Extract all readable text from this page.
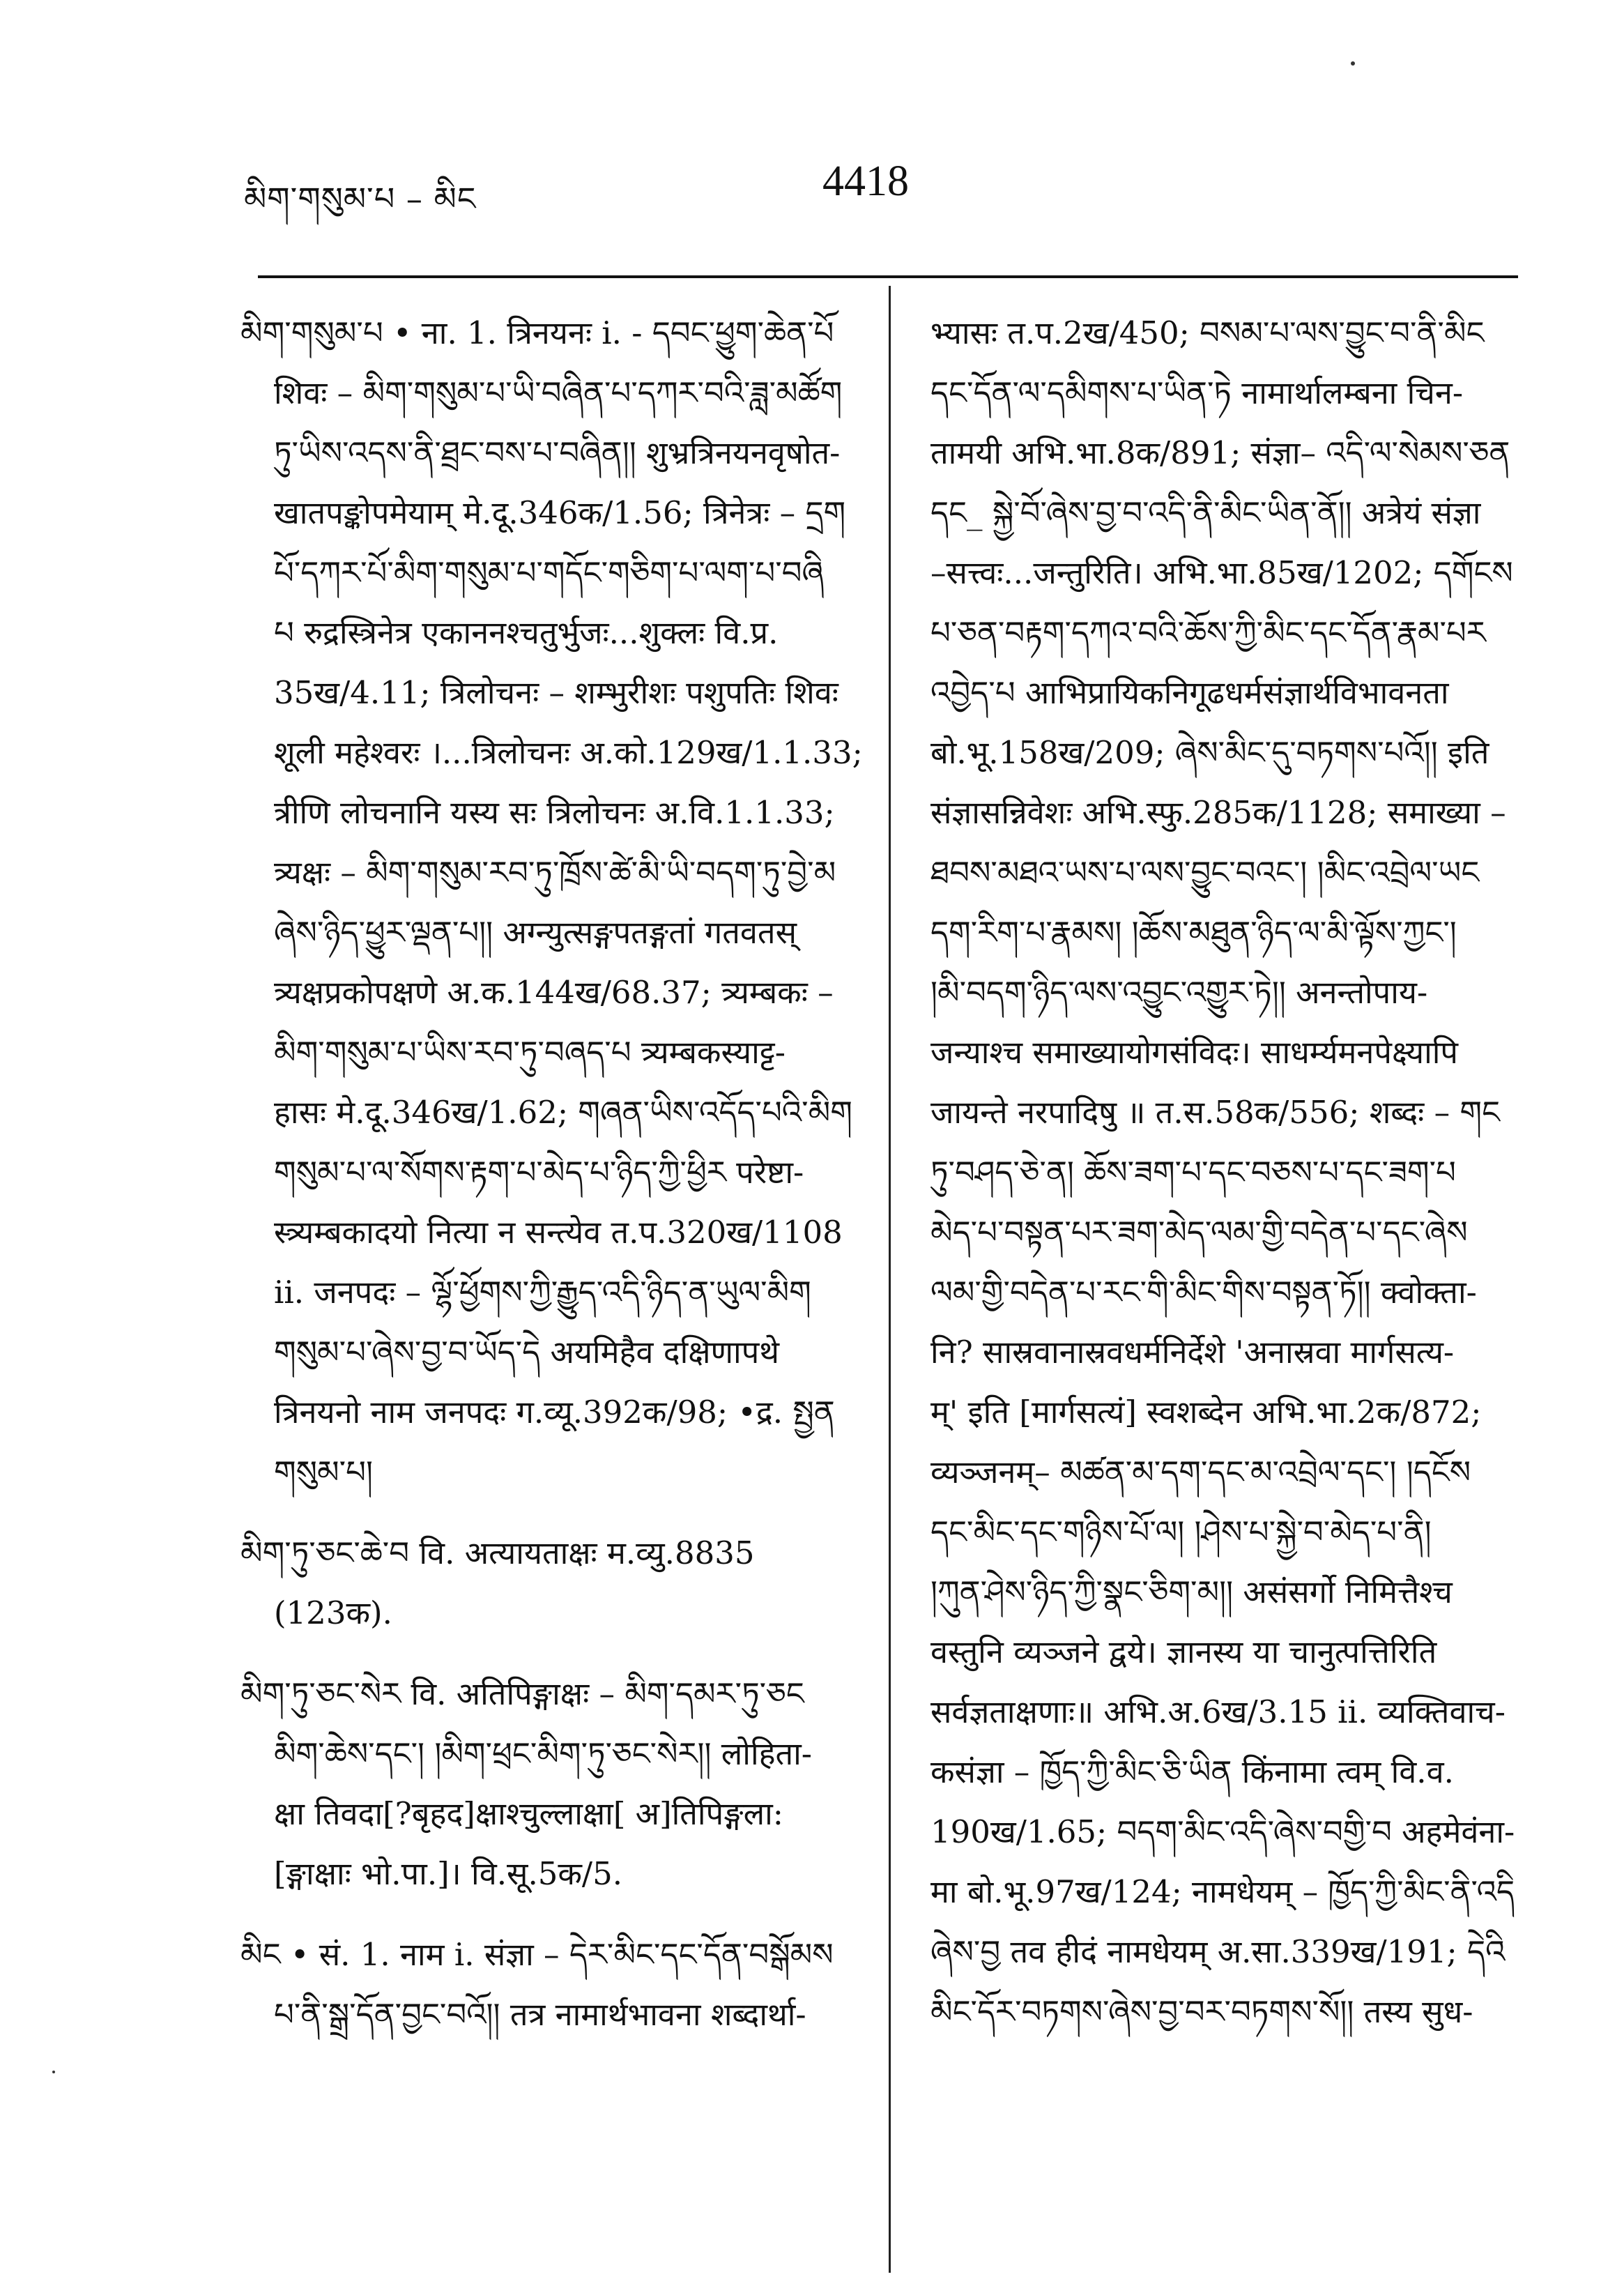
མིག་གསུམ་པ – མིང	4418
མིག་གསུམ་པ • ना. 1. त्रिनयनः i. - དབང་ཕྱུག་ཆེན་པོ
शिवः – མིག་གསུམ་པ་ཡི་བཞིན་པ་དཀར་བའི་ཟླ་མཚོག
ཏུ་ཡིས་འདས་ནི་ཐྲང་བས་པ་བཞིན།། शुभ्रत्रिनयनवृषोत-
खातपङ्कोपमेयाम् मे.दू.346क/1.56; त्रिनेत्रः – དྲག
པོ་དཀར་པོ་མིག་གསུམ་པ་གདོང་གཅིག་པ་ལག་པ་བཞི
པ रुद्रस्त्रिनेत्र एकाननश्चतुर्भुजः...शुक्लः वि.प्र.
35ख/4.11; त्रिलोचनः – शम्भुरीशः पशुपतिः शिवः
शूली महेश्वरः ।...त्रिलोचनः अ.को.129ख/1.1.33;
त्रीणि लोचनानि यस्य सः त्रिलोचनः अ.वि.1.1.33;
त्र्यक्षः – མིག་གསུམ་རབ་ཏུ་ཁྲོས་ཚེ་མི་ཡི་བདག་ཏུ་བྱེ་མ
ཞེས་ཉིད་ཕྱུར་ལྡན་པ།། अग्न्युत्सङ्गपतङ्गतां गतवतस्
त्र्यक्षप्रकोपक्षणे अ.क.144ख/68.37; त्र्यम्बकः –
མིག་གསུམ་པ་ཡིས་རབ་ཏུ་བཞད་པ त्र्यम्बकस्याट्ट-
हासः मे.दू.346ख/1.62; གཞན་ཡིས་འདོད་པའི་མིག
གསུམ་པ་ལ་སོགས་རྟག་པ་མེད་པ་ཉིད་ཀྱི་ཕྱིར परेष्टा-
स्त्र्यम्बकादयो नित्या न सन्त्येव त.प.320ख/1108
ii. जनपदः – ལྷོ་ཕྱོགས་ཀྱི་རྒྱུད་འདི་ཉིད་ན་ཡུལ་མིག
གསུམ་པ་ཞེས་བྱ་བ་ཡོད་དེ अयमिहैव दक्षिणापथे
त्रिनयनो नाम जनपदः ग.व्यू.392क/98; •द्र. སྤྱན
གསུམ་པ།
མིག་ཏུ་ཅང་ཆེ་བ वि. अत्यायताक्षः म.व्यु.8835
(123क).
མིག་ཏུ་ཅང་སེར वि. अतिपिङ्गाक्षः – མིག་དམར་ཏུ་ཅང
མིག་ཆེས་དང་། །མིག་ཕྲང་མིག་ཏུ་ཅང་སེར།། लोहिता-
क्षा तिवदा[?बृहद]क्षाश्चुल्लाक्षा[ अ]तिपिङ्गला:
[ङ्गाक्षाः भो.पा.]। वि.सू.5क/5.
མིང • सं. 1. नाम i. संज्ञा – དེར་མིང་དང་དོན་བསྒོམས
པ་ནི་སྒྲ་དོན་བྱང་བའོ།། तत्र नामार्थभावना शब्दार्था-
भ्यासः त.प.2ख/450; བསམ་པ་ལས་བྱུང་བ་ནི་མིང
དང་དོན་ལ་དམིགས་པ་ཡིན་ཏེ नामार्थालम्बना चिन-
तामयी अभि.भा.8क/891; संज्ञा– འདི་ལ་སེམས་ཅན
དང_ སྐྱེ་བོ་ཞེས་བྱ་བ་འདི་ནི་མིང་ཡིན་ནོ།། अत्रेयं संज्ञा
–सत्त्वः...जन्तुरिति। अभि.भा.85ख/1202; དགོངས
པ་ཅན་བརྟག་དཀའ་བའི་ཆོས་ཀྱི་མིང་དང་དོན་རྣམ་པར
འབྱེད་པ आभिप्रायिकनिगूढधर्मसंज्ञार्थविभावनता
बो.भू.158ख/209; ཞེས་མིང་དུ་བཏགས་པའོ།། इति
संज्ञासन्निवेशः अभि.स्फु.285क/1128; समाख्या –
ཐབས་མཐའ་ཡས་པ་ལས་བྱུང་བའང་། །མིང་འབྲེལ་ཡང
དག་རིག་པ་རྣམས། །ཆོས་མཐུན་ཉིད་ལ་མི་ལྟོས་ཀྱང་།
།མི་བདག་ཉིད་ལས་འབྱུང་འགྱུར་ཏེ།། अनन्तोपाय-
जन्याश्च समाख्यायोगसंविदः। साधर्म्यमनपेक्ष्यापि
जायन्ते नरपादिषु ॥ त.स.58क/556; शब्दः – གང
ཏུ་བཤད་ཅེ་ན། ཆོས་ཟག་པ་དང་བཅས་པ་དང་ཟག་པ
མེད་པ་བསྟན་པར་ཟག་མེད་ལམ་གྱི་བདེན་པ་དང་ཞེས
ལམ་གྱི་བདེན་པ་རང་གི་མིང་གིས་བསྟན་ཏོ།། क्वोक्ता-
नि? सास्रवानास्रवधर्मनिर्देशे 'अनास्रवा मार्गसत्य-
म्' इति [मार्गसत्यं] स्वशब्देन अभि.भा.2क/872;
व्यञ्जनम्– མཚན་མ་དག་དང་མ་འབྲེལ་དང་། །དངོས
དང་མིང་དང་གཉིས་པོ་ལ། །ཤེས་པ་སྐྱེ་བ་མེད་པ་ནི།
།ཀུན་ཤེས་ཉིད་ཀྱི་སྣང་ཅིག་མ།། असंसर्गो निमित्तैश्च
वस्तुनि व्यञ्जने द्वये। ज्ञानस्य या चानुत्पत्तिरिति
सर्वज्ञताक्षणाः॥ अभि.अ.6ख/3.15 ii. व्यक्तिवाच-
कसंज्ञा – ཁྱོད་ཀྱི་མིང་ཅི་ཡིན किंनामा त्वम् वि.व.
190ख/1.65; བདག་མིང་འདི་ཞེས་བགྱི་བ अहमेवंना-
मा बो.भू.97ख/124; नामधेयम् – ཁྱོད་ཀྱི་མིང་ནི་འདི
ཞེས་བྱ तव हीदं नामधेयम् अ.सा.339ख/191; དེའི
མིང་དོར་བཏགས་ཞེས་བྱ་བར་བཏགས་སོ།། तस्य सुध-
